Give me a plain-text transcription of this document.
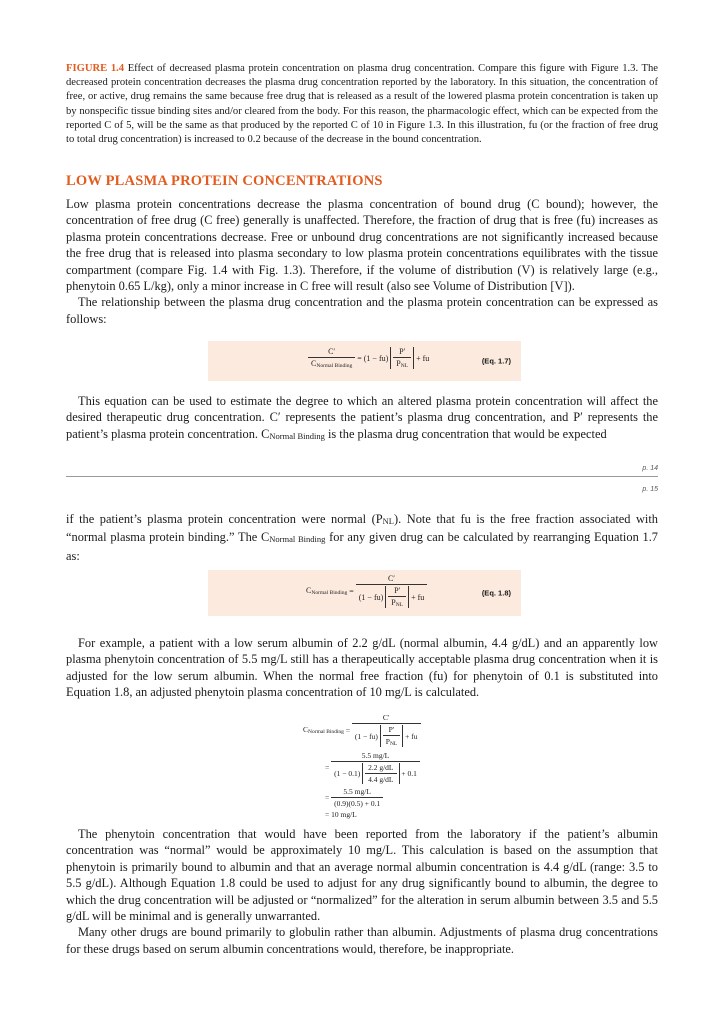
FIGURE 1.4 Effect of decreased plasma protein concentration on plasma drug concentration. Compare this figure with Figure 1.3. The decreased protein concentration decreases the plasma drug concentration reported by the laboratory. In this situation, the concentration of free, or active, drug remains the same because free drug that is released as a result of the lowered plasma protein concentration is taken up by nonspecific tissue binding sites and/or cleared from the body. For this reason, the pharmacologic effect, which can be expected from the reported C of 5, will be the same as that produced by the reported C of 10 in Figure 1.3. In this illustration, fu (or the fraction of free drug to total drug concentration) is increased to 0.2 because of the decrease in the bound concentration.

LOW PLASMA PROTEIN CONCENTRATIONS

Low plasma protein concentrations decrease the plasma concentration of bound drug (C bound); however, the concentration of free drug (C free) generally is unaffected. Therefore, the fraction of drug that is free (fu) increases as plasma protein concentrations decrease. Free or unbound drug concentrations are not significantly increased because the free drug that is released into plasma secondary to low plasma protein concentrations equilibrates with the tissue compartment (compare Fig. 1.4 with Fig. 1.3). Therefore, if the volume of distribution (V) is relatively large (e.g., phenytoin 0.65 L/kg), only a minor increase in C free will result (also see Volume of Distribution [V]).

The relationship between the plasma drug concentration and the plasma protein concentration can be expressed as follows:

$\frac{C'}{\text{CNormal Binding}} = (1 - fu) \frac{P'}{\text{PNL}}$ + fu	(Eq. 1.7)

This equation can be used to estimate the degree to which an altered plasma protein concentration will affect the desired therapeutic drug concentration. C′ represents the patient’s plasma drug concentration, and P′ represents the patient’s plasma protein concentration. CNormal Binding is the plasma drug concentration that would be expected

p. 14
p. 15

if the patient’s plasma protein concentration were normal (PNL). Note that fu is the free fraction associated with “normal plasma protein binding.” The CNormal Binding for any given drug can be calculated by rearranging Equation 1.7 as:

CNormal Binding =
C′
$(1 - fu) \frac{P'}{\text{PNL}}$ + fu	(Eq. 1.8)

For example, a patient with a low serum albumin of 2.2 g/dL (normal albumin, 4.4 g/dL) and an apparently low plasma phenytoin concentration of 5.5 mg/L still has a therapeutically acceptable plasma drug concentration when it is adjusted for the low serum albumin. When the normal free fraction (fu) for phenytoin of 0.1 is substituted into Equation 1.8, an adjusted phenytoin plasma concentration of 10 mg/L is calculated.

CNormal Binding =
C′
$(1 - fu) \frac{P'}{\text{PNL}}$ + fu
=
5.5 mg/L
$(1 - 0.1) \frac{2.2 g/dL}{4.4 g/dL} + 0.1$
= $\frac{5.5 mg/L}{(0.9)(0.5) + 0.1}$
= 10 mg/L

The phenytoin concentration that would have been reported from the laboratory if the patient’s albumin concentration was “normal” would be approximately 10 mg/L. This calculation is based on the assumption that phenytoin is primarily bound to albumin and that an average normal albumin concentration is 4.4 g/dL (range: 3.5 to 5.5 g/dL). Although Equation 1.8 could be used to adjust for any drug significantly bound to albumin, the degree to which the drug concentration will be adjusted or “normalized” for the alteration in serum albumin between 3.5 and 5.5 g/dL will be minimal and is generally unwarranted.

Many other drugs are bound primarily to globulin rather than albumin. Adjustments of plasma drug concentrations for these drugs based on serum albumin concentrations would, therefore, be inappropriate.
